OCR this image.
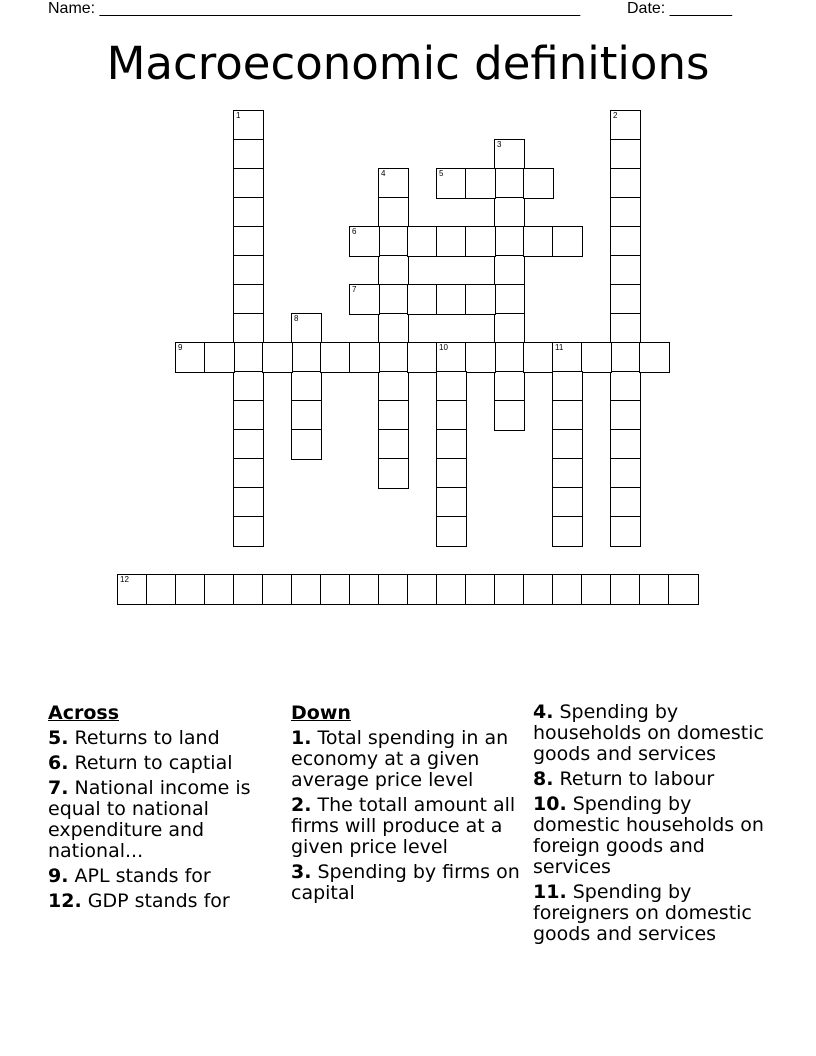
Name: ______________________________________________________	Date: _______
Macroeconomic definitions
1	2
3
4	5
6
7
8
9	10	11
12
Across
5. Returns to land
6. Return to captial
7. National income is equal to national expenditure and national...
9. APL stands for
12. GDP stands for
Down
1. Total spending in an economy at a given average price level
2. The totall amount all firms will produce at a given price level
3. Spending by firms on capital
4. Spending by households on domestic goods and services
8. Return to labour
10. Spending by domestic households on foreign goods and services
11. Spending by foreigners on domestic goods and services
